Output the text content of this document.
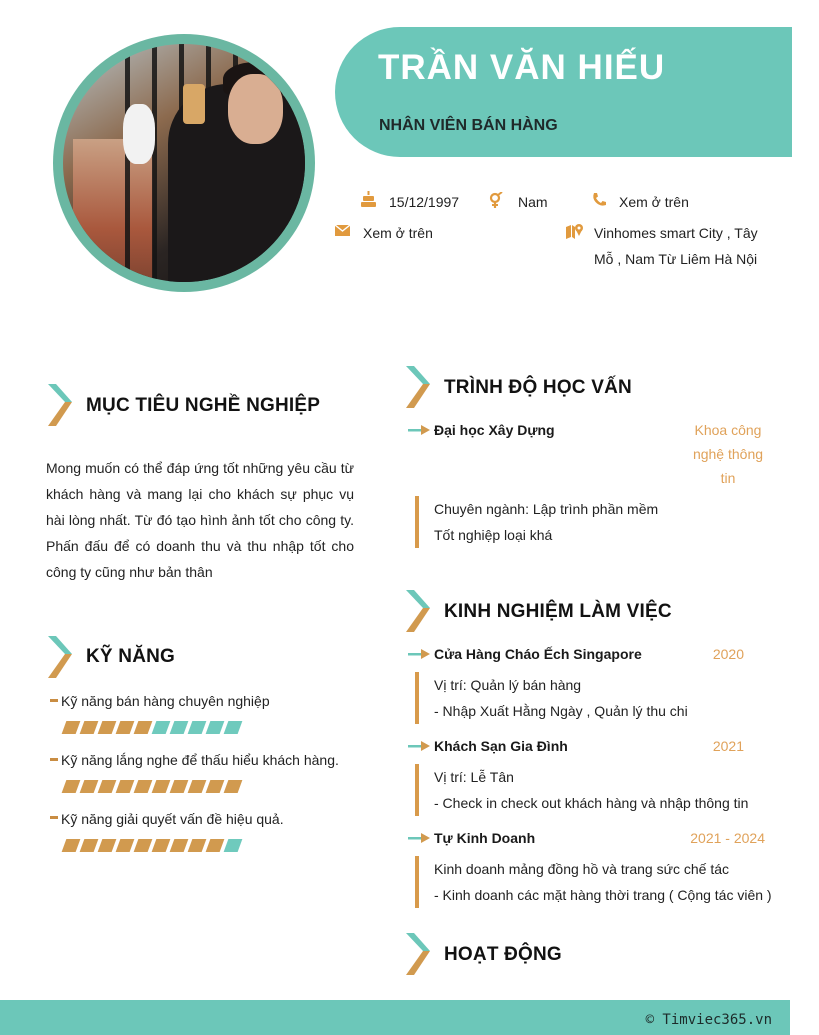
TRẦN VĂN HIẾU
NHÂN VIÊN BÁN HÀNG
15/12/1997	Nam	Xem ở trên
Xem ở trên	Vinhomes smart City , Tây
Mỗ , Nam Từ Liêm Hà Nội
MỤC TIÊU NGHỀ NGHIỆP
Mong muốn có thể đáp ứng tốt những yêu cầu từ khách hàng và mang lại cho khách sự phục vụ hài lòng nhất. Từ đó tạo hình ảnh tốt cho công ty. Phấn đấu để có doanh thu và thu nhập tốt cho công ty cũng như bản thân
KỸ NĂNG
Kỹ năng bán hàng chuyên nghiệp
Kỹ năng lắng nghe để thấu hiểu khách hàng.
Kỹ năng giải quyết vấn đề hiệu quả.
TRÌNH ĐỘ HỌC VẤN
Đại học Xây Dựng	Khoa công
nghệ thông
tin
Chuyên ngành: Lập trình phần mềm
Tốt nghiệp loại khá
KINH NGHIỆM LÀM VIỆC
Cửa Hàng Cháo Ếch Singapore	2020
Vị trí: Quản lý bán hàng
- Nhập Xuất Hằng Ngày , Quản lý thu chi
Khách Sạn Gia Đình	2021
Vị trí: Lễ Tân
- Check in check out khách hàng và nhập thông tin
Tự Kinh Doanh	2021 - 2024
Kinh doanh mảng đồng hồ và trang sức chế tác
- Kinh doanh các mặt hàng thời trang ( Cộng tác viên )
HOẠT ĐỘNG
© Timviec365.vn
